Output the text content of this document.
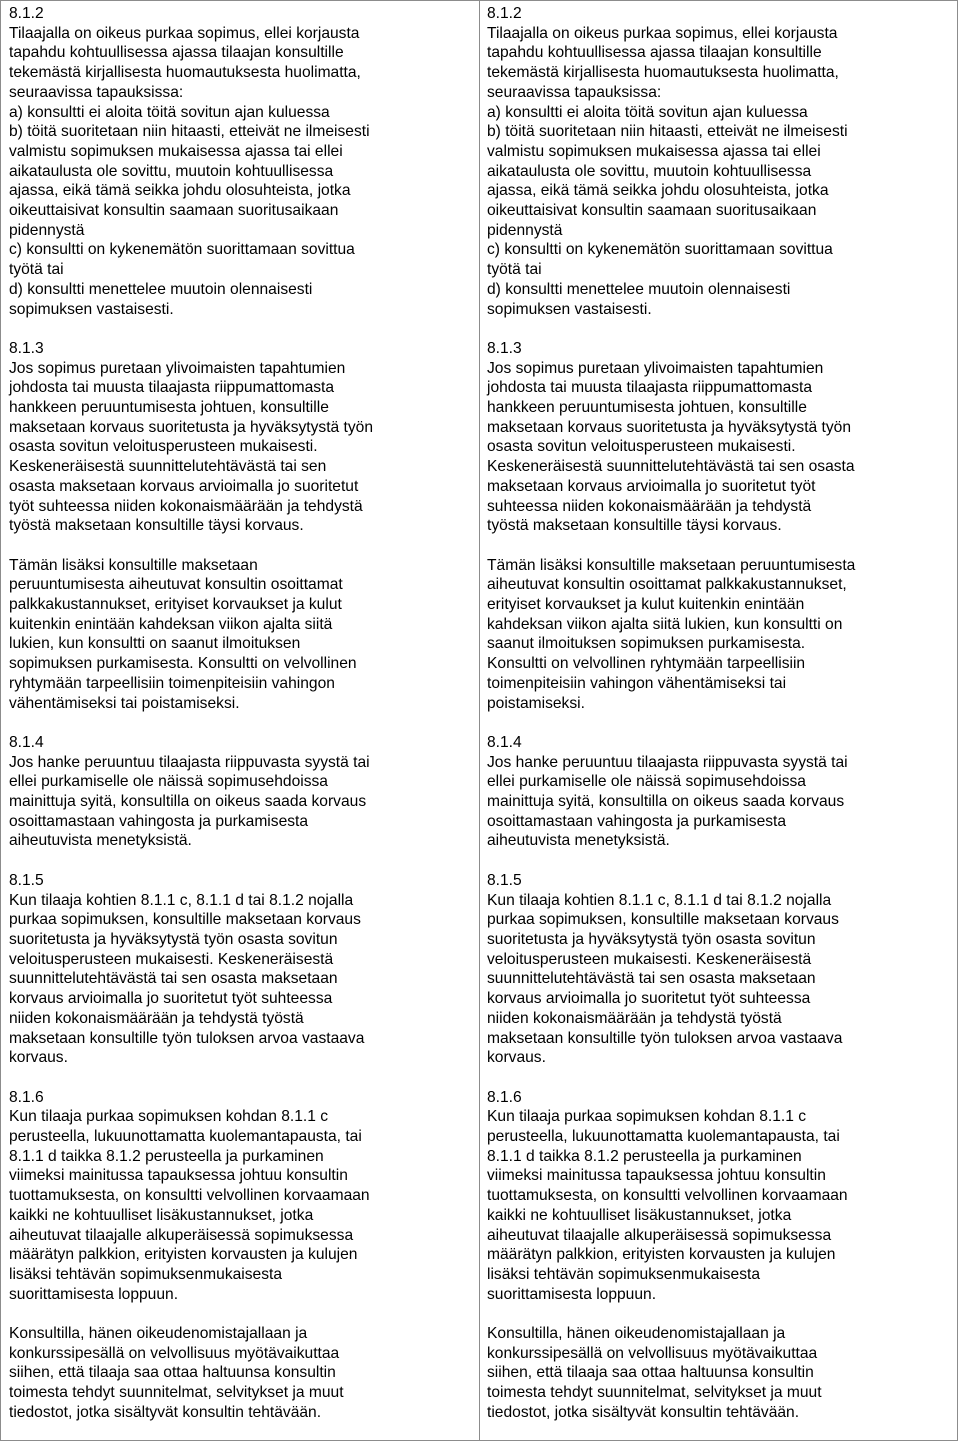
8.1.2
Tilaajalla on oikeus purkaa sopimus, ellei korjausta
tapahdu kohtuullisessa ajassa tilaajan konsultille
tekemästä kirjallisesta huomautuksesta huolimatta,
seuraavissa tapauksissa:
a) konsultti ei aloita töitä sovitun ajan kuluessa
b) töitä suoritetaan niin hitaasti, etteivät ne ilmeisesti
valmistu sopimuksen mukaisessa ajassa tai ellei
aikataulusta ole sovittu, muutoin kohtuullisessa
ajassa, eikä tämä seikka johdu olosuhteista, jotka
oikeuttaisivat konsultin saamaan suoritusaikaan
pidennystä
c) konsultti on kykenemätön suorittamaan sovittua
työtä tai
d) konsultti menettelee muutoin olennaisesti
sopimuksen vastaisesti.
8.1.3
Jos sopimus puretaan ylivoimaisten tapahtumien
johdosta tai muusta tilaajasta riippumattomasta
hankkeen peruuntumisesta johtuen, konsultille
maksetaan korvaus suoritetusta ja hyväksytystä työn
osasta sovitun veloitusperusteen mukaisesti.
Keskeneräisestä suunnittelutehtävästä tai sen
osasta maksetaan korvaus arvioimalla jo suoritetut
työt suhteessa niiden kokonaismäärään ja tehdystä
työstä maksetaan konsultille täysi korvaus.
Tämän lisäksi konsultille maksetaan
peruuntumisesta aiheutuvat konsultin osoittamat
palkkakustannukset, erityiset korvaukset ja kulut
kuitenkin enintään kahdeksan viikon ajalta siitä
lukien, kun konsultti on saanut ilmoituksen
sopimuksen purkamisesta. Konsultti on velvollinen
ryhtymään tarpeellisiin toimenpiteisiin vahingon
vähentämiseksi tai poistamiseksi.
8.1.4
Jos hanke peruuntuu tilaajasta riippuvasta syystä tai
ellei purkamiselle ole näissä sopimusehdoissa
mainittuja syitä, konsultilla on oikeus saada korvaus
osoittamastaan vahingosta ja purkamisesta
aiheutuvista menetyksistä.
8.1.5
Kun tilaaja kohtien 8.1.1 c, 8.1.1 d tai 8.1.2 nojalla
purkaa sopimuksen, konsultille maksetaan korvaus
suoritetusta ja hyväksytystä työn osasta sovitun
veloitusperusteen mukaisesti. Keskeneräisestä
suunnittelutehtävästä tai sen osasta maksetaan
korvaus arvioimalla jo suoritetut työt suhteessa
niiden kokonaismäärään ja tehdystä työstä
maksetaan konsultille työn tuloksen arvoa vastaava
korvaus.
8.1.6
Kun tilaaja purkaa sopimuksen kohdan 8.1.1 c
perusteella, lukuunottamatta kuolemantapausta, tai
8.1.1 d taikka 8.1.2 perusteella ja purkaminen
viimeksi mainitussa tapauksessa johtuu konsultin
tuottamuksesta, on konsultti velvollinen korvaamaan
kaikki ne kohtuulliset lisäkustannukset, jotka
aiheutuvat tilaajalle alkuperäisessä sopimuksessa
määrätyn palkkion, erityisten korvausten ja kulujen
lisäksi tehtävän sopimuksenmukaisesta
suorittamisesta loppuun.
Konsultilla, hänen oikeudenomistajallaan ja
konkurssipesällä on velvollisuus myötävaikuttaa
siihen, että tilaaja saa ottaa haltuunsa konsultin
toimesta tehdyt suunnitelmat, selvitykset ja muut
tiedostot, jotka sisältyvät konsultin tehtävään.
8.1.2
Tilaajalla on oikeus purkaa sopimus, ellei korjausta
tapahdu kohtuullisessa ajassa tilaajan konsultille
tekemästä kirjallisesta huomautuksesta huolimatta,
seuraavissa tapauksissa:
a) konsultti ei aloita töitä sovitun ajan kuluessa
b) töitä suoritetaan niin hitaasti, etteivät ne ilmeisesti
valmistu sopimuksen mukaisessa ajassa tai ellei
aikataulusta ole sovittu, muutoin kohtuullisessa
ajassa, eikä tämä seikka johdu olosuhteista, jotka
oikeuttaisivat konsultin saamaan suoritusaikaan
pidennystä
c) konsultti on kykenemätön suorittamaan sovittua
työtä tai
d) konsultti menettelee muutoin olennaisesti
sopimuksen vastaisesti.
8.1.3
Jos sopimus puretaan ylivoimaisten tapahtumien
johdosta tai muusta tilaajasta riippumattomasta
hankkeen peruuntumisesta johtuen, konsultille
maksetaan korvaus suoritetusta ja hyväksytystä työn
osasta sovitun veloitusperusteen mukaisesti.
Keskeneräisestä suunnittelutehtävästä tai sen osasta
maksetaan korvaus arvioimalla jo suoritetut työt
suhteessa niiden kokonaismäärään ja tehdystä
työstä maksetaan konsultille täysi korvaus.
Tämän lisäksi konsultille maksetaan peruuntumisesta
aiheutuvat konsultin osoittamat palkkakustannukset,
erityiset korvaukset ja kulut kuitenkin enintään
kahdeksan viikon ajalta siitä lukien, kun konsultti on
saanut ilmoituksen sopimuksen purkamisesta.
Konsultti on velvollinen ryhtymään tarpeellisiin
toimenpiteisiin vahingon vähentämiseksi tai
poistamiseksi.
8.1.4
Jos hanke peruuntuu tilaajasta riippuvasta syystä tai
ellei purkamiselle ole näissä sopimusehdoissa
mainittuja syitä, konsultilla on oikeus saada korvaus
osoittamastaan vahingosta ja purkamisesta
aiheutuvista menetyksistä.
8.1.5
Kun tilaaja kohtien 8.1.1 c, 8.1.1 d tai 8.1.2 nojalla
purkaa sopimuksen, konsultille maksetaan korvaus
suoritetusta ja hyväksytystä työn osasta sovitun
veloitusperusteen mukaisesti. Keskeneräisestä
suunnittelutehtävästä tai sen osasta maksetaan
korvaus arvioimalla jo suoritetut työt suhteessa
niiden kokonaismäärään ja tehdystä työstä
maksetaan konsultille työn tuloksen arvoa vastaava
korvaus.
8.1.6
Kun tilaaja purkaa sopimuksen kohdan 8.1.1 c
perusteella, lukuunottamatta kuolemantapausta, tai
8.1.1 d taikka 8.1.2 perusteella ja purkaminen
viimeksi mainitussa tapauksessa johtuu konsultin
tuottamuksesta, on konsultti velvollinen korvaamaan
kaikki ne kohtuulliset lisäkustannukset, jotka
aiheutuvat tilaajalle alkuperäisessä sopimuksessa
määrätyn palkkion, erityisten korvausten ja kulujen
lisäksi tehtävän sopimuksenmukaisesta
suorittamisesta loppuun.
Konsultilla, hänen oikeudenomistajallaan ja
konkurssipesällä on velvollisuus myötävaikuttaa
siihen, että tilaaja saa ottaa haltuunsa konsultin
toimesta tehdyt suunnitelmat, selvitykset ja muut
tiedostot, jotka sisältyvät konsultin tehtävään.
